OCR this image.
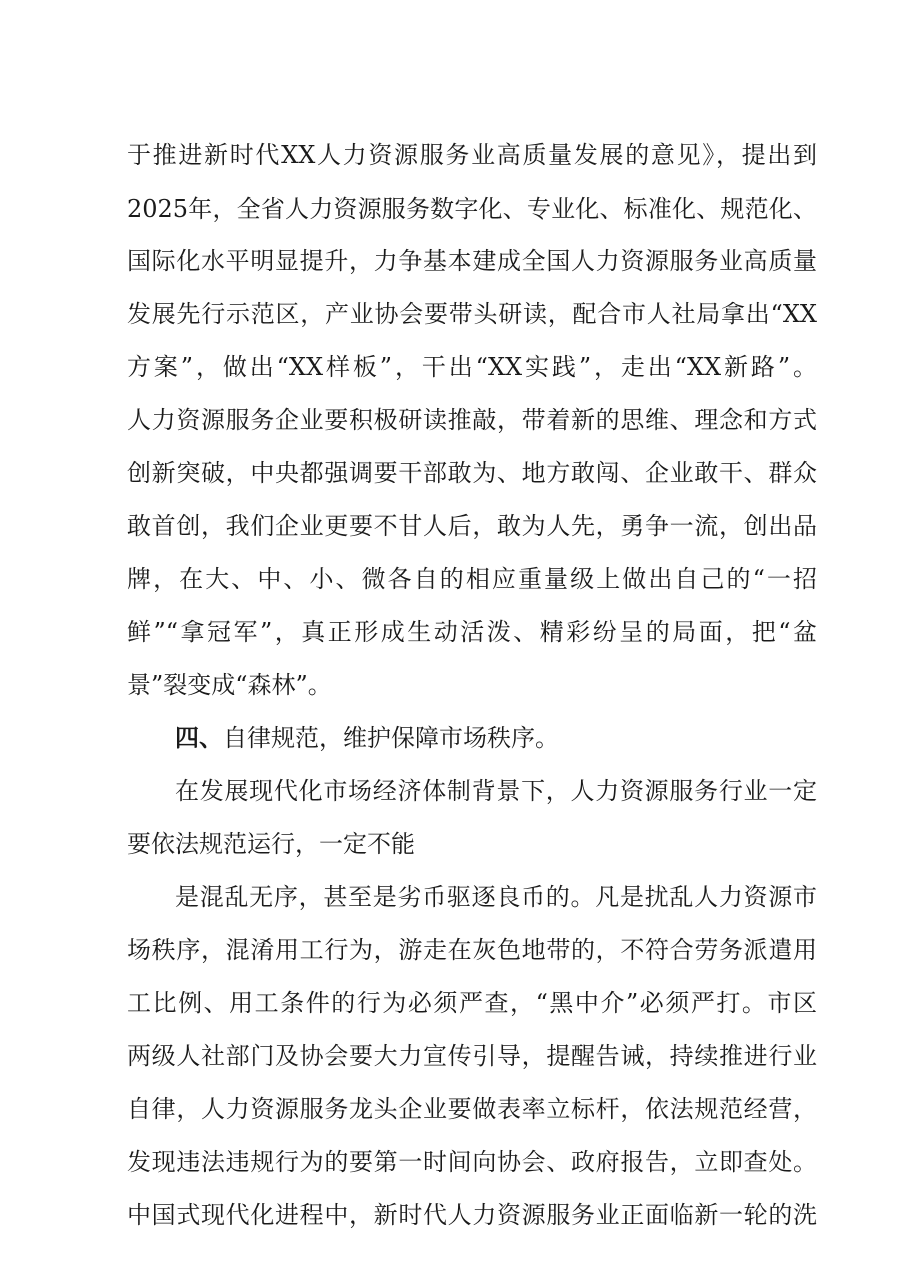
于推进新时代XX人力资源服务业高质量发展的意见》，提出到
2025年，全省人力资源服务数字化、专业化、标准化、规范化、
国际化水平明显提升，力争基本建成全国人力资源服务业高质量
发展先行示范区，产业协会要带头研读，配合市人社局拿出“XX
方案”，做出“XX样板”，干出“XX实践”，走出“XX新路”。
人力资源服务企业要积极研读推敲，带着新的思维、理念和方式
创新突破，中央都强调要干部敢为、地方敢闯、企业敢干、群众
敢首创，我们企业更要不甘人后，敢为人先，勇争一流，创出品
牌，在大、中、小、微各自的相应重量级上做出自己的“一招
鲜”“拿冠军”，真正形成生动活泼、精彩纷呈的局面，把“盆
景”裂变成“森林”。
四、自律规范，维护保障市场秩序。
在发展现代化市场经济体制背景下，人力资源服务行业一定
要依法规范运行，一定不能
是混乱无序，甚至是劣币驱逐良币的。凡是扰乱人力资源市
场秩序，混淆用工行为，游走在灰色地带的，不符合劳务派遣用
工比例、用工条件的行为必须严查，“黑中介”必须严打。市区
两级人社部门及协会要大力宣传引导，提醒告诫，持续推进行业
自律，人力资源服务龙头企业要做表率立标杆，依法规范经营，
发现违法违规行为的要第一时间向协会、政府报告，立即查处。
中国式现代化进程中，新时代人力资源服务业正面临新一轮的洗
